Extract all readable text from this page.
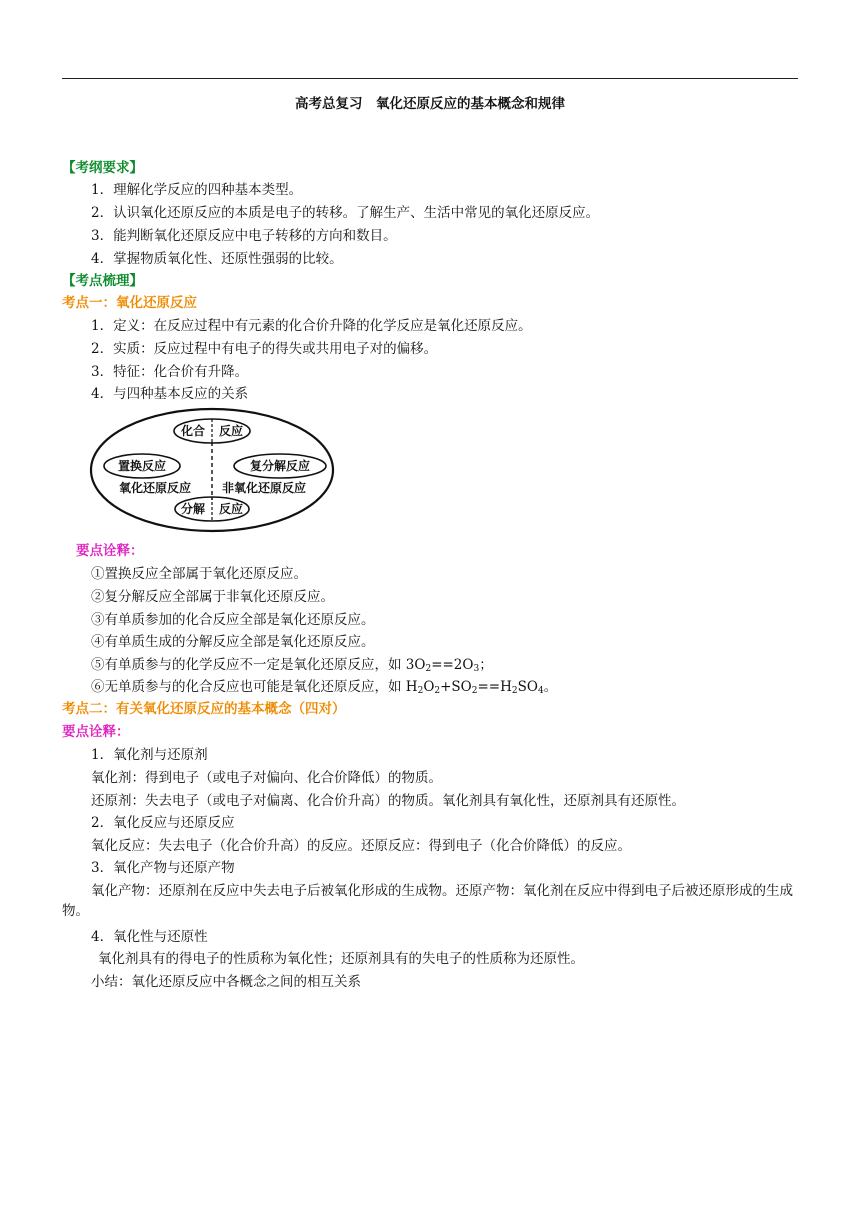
高考总复习　氧化还原反应的基本概念和规律
【考纲要求】
1．理解化学反应的四种基本类型。
2．认识氧化还原反应的本质是电子的转移。了解生产、生活中常见的氧化还原反应。
3．能判断氧化还原反应中电子转移的方向和数目。
4．掌握物质氧化性、还原性强弱的比较。
【考点梳理】
考点一：氧化还原反应
1．定义：在反应过程中有元素的化合价升降的化学反应是氧化还原反应。
2．实质：反应过程中有电子的得失或共用电子对的偏移。
3．特征：化合价有升降。
4．与四种基本反应的关系
化合 反应
置换反应	复分解反应
氧化还原反应	非氧化还原反应
分解 反应
要点诠释：
①置换反应全部属于氧化还原反应。
②复分解反应全部属于非氧化还原反应。
③有单质参加的化合反应全部是氧化还原反应。
④有单质生成的分解反应全部是氧化还原反应。
⑤有单质参与的化学反应不一定是氧化还原反应，如 $3O_2==2O_3$；
⑥无单质参与的化合反应也可能是氧化还原反应，如 $H_2O_2+SO_2==H_2SO_4$。
考点二：有关氧化还原反应的基本概念（四对）
要点诠释：
1．氧化剂与还原剂
氧化剂：得到电子（或电子对偏向、化合价降低）的物质。
还原剂：失去电子（或电子对偏离、化合价升高）的物质。氧化剂具有氧化性，还原剂具有还原性。
2．氧化反应与还原反应
氧化反应：失去电子（化合价升高）的反应。还原反应：得到电子（化合价降低）的反应。
3．氧化产物与还原产物
氧化产物：还原剂在反应中失去电子后被氧化形成的生成物。还原产物：氧化剂在反应中得到电子后被还原形成的生成物。
4．氧化性与还原性
氧化剂具有的得电子的性质称为氧化性；还原剂具有的失电子的性质称为还原性。
小结：氧化还原反应中各概念之间的相互关系
